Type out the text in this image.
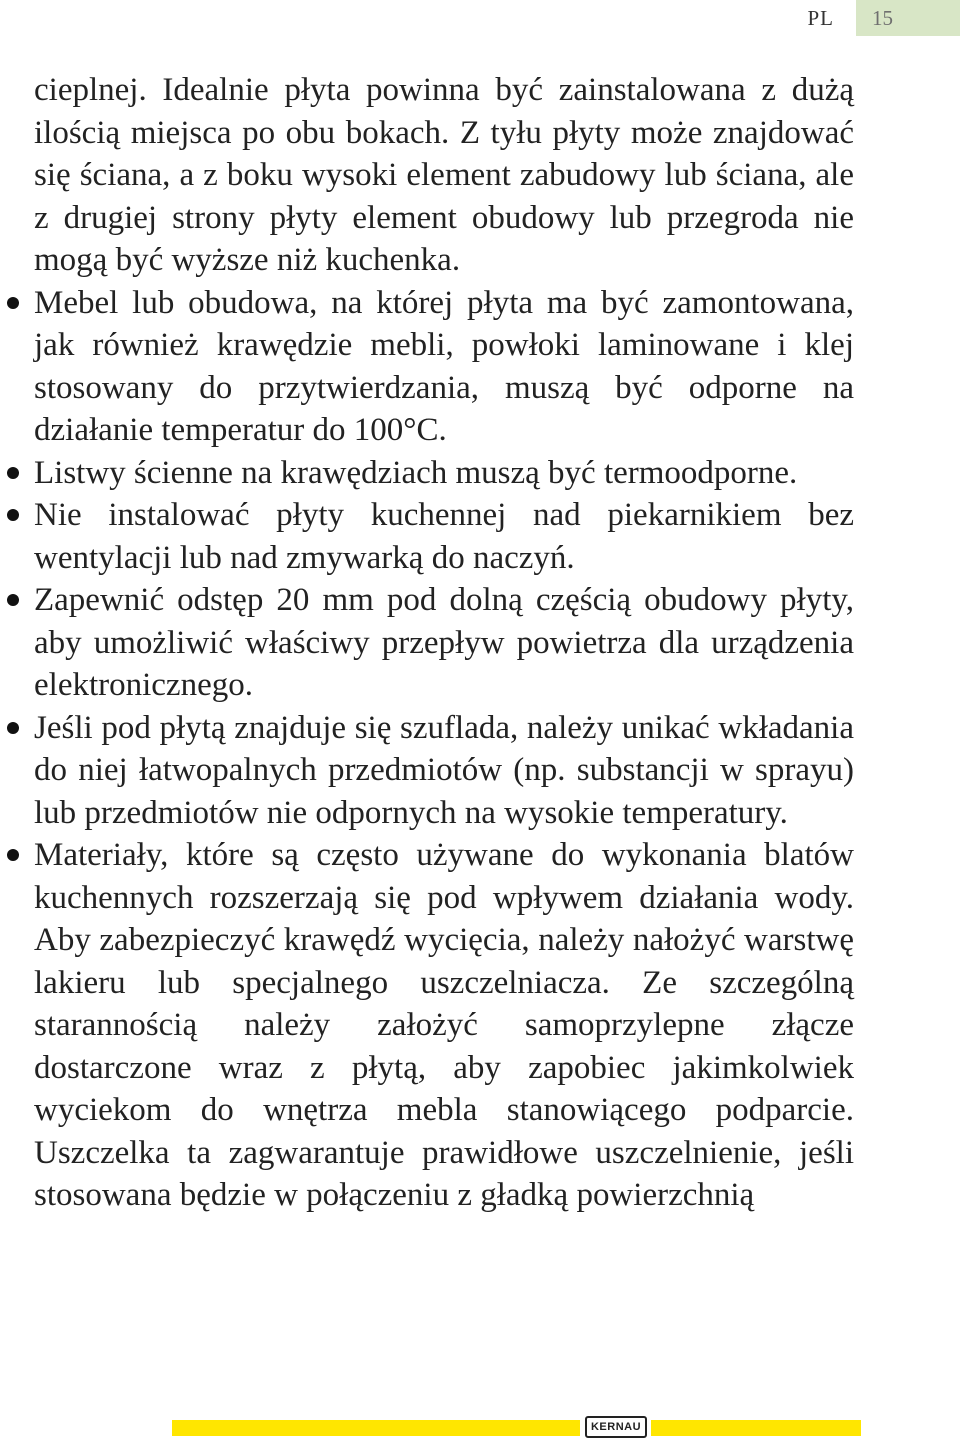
PL	15

cieplnej. Idealnie płyta powinna być zainstalowana z dużą ilością miejsca po obu bokach. Z tyłu płyty może znajdować się ściana, a z boku wysoki element zabudowy lub ściana, ale z drugiej strony płyty element obudowy lub przegroda nie mogą być wyższe niż kuchenka.

Mebel lub obudowa, na której płyta ma być zamontowana, jak również krawędzie mebli, powłoki laminowane i klej stosowany do przytwierdzania, muszą być odporne na działanie temperatur do 100°C.
Listwy ścienne na krawędziach muszą być termoodporne.
Nie instalować płyty kuchennej nad piekarnikiem bez wentylacji lub nad zmywarką do naczyń.
Zapewnić odstęp 20 mm pod dolną częścią obudowy płyty, aby umożliwić właściwy przepływ powietrza dla urządzenia elektronicznego.
Jeśli pod płytą znajduje się szuflada, należy unikać wkładania do niej łatwopalnych przedmiotów (np. substancji w sprayu) lub przedmiotów nie odpornych na wysokie temperatury.
Materiały, które są często używane do wykonania blatów kuchennych rozszerzają się pod wpływem działania wody. Aby zabezpieczyć krawędź wycięcia, należy nałożyć warstwę lakieru lub specjalnego uszczelniacza. Ze szczególną starannością należy założyć samoprzylepne złącze dostarczone wraz z płytą, aby zapobiec jakimkolwiek wyciekom do wnętrza mebla stanowiącego podparcie. Uszczelka ta zagwarantuje prawidłowe uszczelnienie, jeśli stosowana będzie w połączeniu z gładką powierzchnią
KERNAU
